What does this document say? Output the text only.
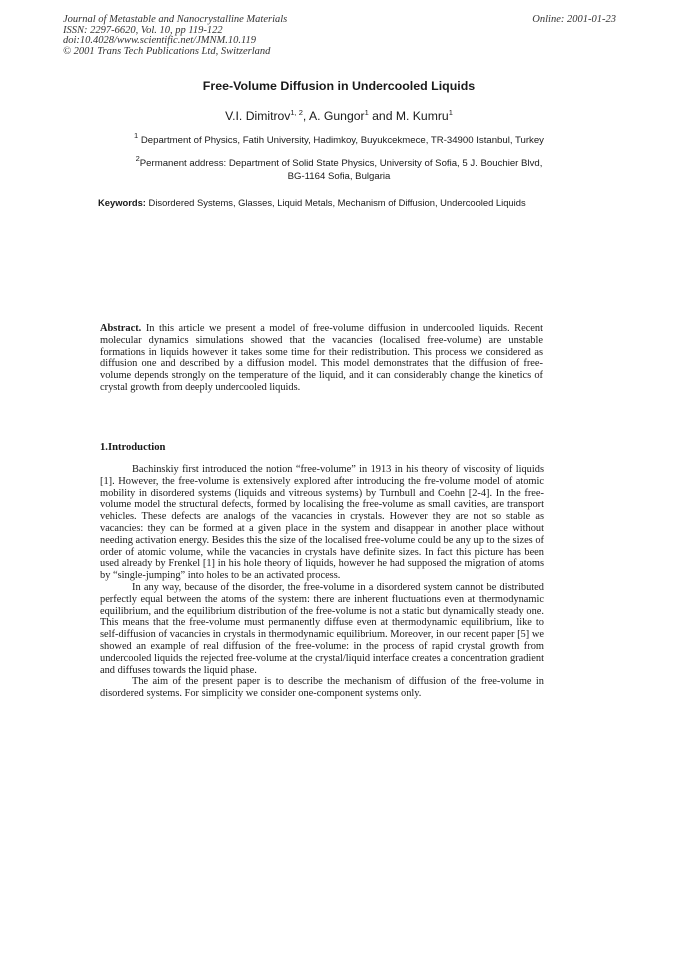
Journal of Metastable and Nanocrystalline Materials
ISSN: 2297-6620, Vol. 10, pp 119-122
doi:10.4028/www.scientific.net/JMNM.10.119
© 2001 Trans Tech Publications Ltd, Switzerland
Online: 2001-01-23
Free-Volume Diffusion in Undercooled Liquids
V.I. Dimitrov$^{1, 2}$, A. Gungor$^1$ and M. Kumru$^1$
$^1$ Department of Physics, Fatih University, Hadimkoy, Buyukcekmece, TR-34900 Istanbul, Turkey
$^2$Permanent address: Department of Solid State Physics, University of Sofia, 5 J. Bouchier Blvd,
BG-1164 Sofia, Bulgaria
Keywords: Disordered Systems, Glasses, Liquid Metals, Mechanism of Diffusion, Undercooled Liquids
Abstract. In this article we present a model of free-volume diffusion in undercooled liquids. Recent molecular dynamics simulations showed that the vacancies (localised free-volume) are unstable formations in liquids however it takes some time for their redistribution. This process we considered as diffusion one and described by a diffusion model. This model demonstrates that the diffusion of free-volume depends strongly on the temperature of the liquid, and it can considerably change the kinetics of crystal growth from deeply undercooled liquids.
1.Introduction

Bachinskiy first introduced the notion “free-volume” in 1913 in his theory of viscosity of liquids [1]. However, the free-volume is extensively explored after introducing the fre-volume model of atomic mobility in disordered systems (liquids and vitreous systems) by Turnbull and Coehn [2-4]. In the free-volume model the structural defects, formed by localising the free-volume as small cavities, are transport vehicles. These defects are analogs of the vacancies in crystals. However they are not so stable as vacancies: they can be formed at a given place in the system and disappear in another place without needing activation energy. Besides this the size of the localised free-volume could be any up to the sizes of order of atomic volume, while the vacancies in crystals have definite sizes. In fact this picture has been used already by Frenkel [1] in his hole theory of liquids, however he had supposed the migration of atoms by “single-jumping” into holes to be an activated process.

In any way, because of the disorder, the free-volume in a disordered system cannot be distributed perfectly equal between the atoms of the system: there are inherent fluctuations even at thermodynamic equilibrium, and the equilibrium distribution of the free-volume is not a static but dynamically steady one. This means that the free-volume must permanently diffuse even at thermodynamic equilibrium, like to self-diffusion of vacancies in crystals in thermodynamic equilibrium. Moreover, in our recent paper [5] we showed an example of real diffusion of the free-volume: in the process of rapid crystal growth from undercooled liquids the rejected free-volume at the crystal/liquid interface creates a concentration gradient and diffuses towards the liquid phase.

The aim of the present paper is to describe the mechanism of diffusion of the free-volume in disordered systems. For simplicity we consider one-component systems only.
